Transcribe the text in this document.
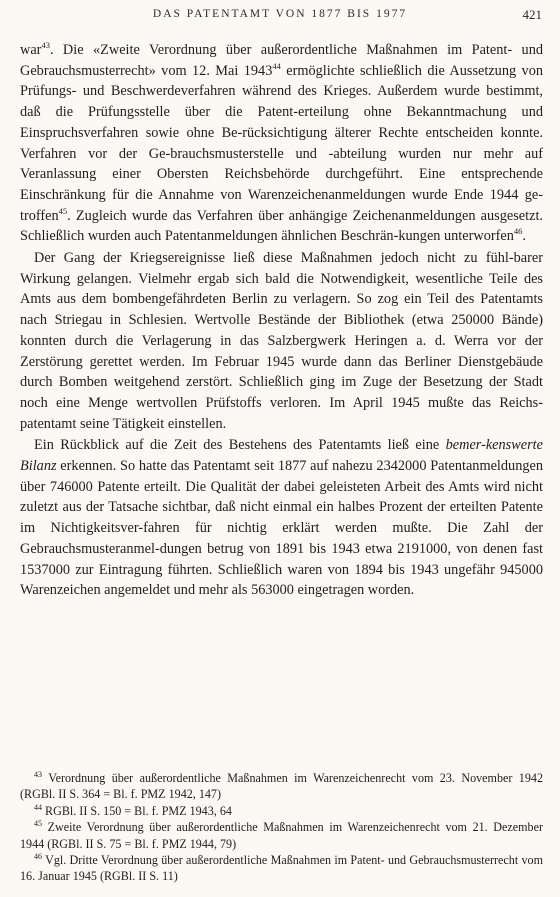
DAS PATENTAMT VON 1877 BIS 1977	421

war$^{43}$. Die «Zweite Verordnung über außerordentliche Maßnahmen im Patent- und Gebrauchsmusterrecht» vom 12. Mai 1943$^{44}$ ermöglichte schließlich die Aussetzung von Prüfungs- und Beschwerdeverfahren während des Krieges. Außerdem wurde bestimmt, daß die Prüfungsstelle über die Patent-erteilung ohne Bekanntmachung und Einspruchsverfahren sowie ohne Be-rücksichtigung älterer Rechte entscheiden konnte. Verfahren vor der Ge-brauchsmusterstelle und -abteilung wurden nur mehr auf Veranlassung einer Obersten Reichsbehörde durchgeführt. Eine entsprechende Einschränkung für die Annahme von Warenzeichenanmeldungen wurde Ende 1944 ge-troffen$^{45}$. Zugleich wurde das Verfahren über anhängige Zeichenanmeldungen ausgesetzt. Schließlich wurden auch Patentanmeldungen ähnlichen Beschrän-kungen unterworfen$^{46}$.

Der Gang der Kriegsereignisse ließ diese Maßnahmen jedoch nicht zu fühl-barer Wirkung gelangen. Vielmehr ergab sich bald die Notwendigkeit, wesentliche Teile des Amts aus dem bombengefährdeten Berlin zu verlagern. So zog ein Teil des Patentamts nach Striegau in Schlesien. Wertvolle Bestände der Bibliothek (etwa 250000 Bände) konnten durch die Verlagerung in das Salzbergwerk Heringen a. d. Werra vor der Zerstörung gerettet werden. Im Februar 1945 wurde dann das Berliner Dienstgebäude durch Bomben weitgehend zerstört. Schließlich ging im Zuge der Besetzung der Stadt noch eine Menge wertvollen Prüfstoffs verloren. Im April 1945 mußte das Reichs-patentamt seine Tätigkeit einstellen.

Ein Rückblick auf die Zeit des Bestehens des Patentamts ließ eine bemer-kenswerte Bilanz erkennen. So hatte das Patentamt seit 1877 auf nahezu 2342000 Patentanmeldungen über 746000 Patente erteilt. Die Qualität der dabei geleisteten Arbeit des Amts wird nicht zuletzt aus der Tatsache sichtbar, daß nicht einmal ein halbes Prozent der erteilten Patente im Nichtigkeitsver-fahren für nichtig erklärt werden mußte. Die Zahl der Gebrauchsmusteranmel-dungen betrug von 1891 bis 1943 etwa 2191000, von denen fast 1537000 zur Eintragung führten. Schließlich waren von 1894 bis 1943 ungefähr 945000 Warenzeichen angemeldet und mehr als 563000 eingetragen worden.

$^{43}$ Verordnung über außerordentliche Maßnahmen im Warenzeichenrecht vom 23. November 1942 (RGBl. II S. 364 = Bl. f. PMZ 1942, 147)

$^{44}$ RGBl. II S. 150 = Bl. f. PMZ 1943, 64

$^{45}$ Zweite Verordnung über außerordentliche Maßnahmen im Warenzeichenrecht vom 21. Dezember 1944 (RGBl. II S. 75 = Bl. f. PMZ 1944, 79)

$^{46}$ Vgl. Dritte Verordnung über außerordentliche Maßnahmen im Patent- und Gebrauchsmusterrecht vom 16. Januar 1945 (RGBl. II S. 11)
